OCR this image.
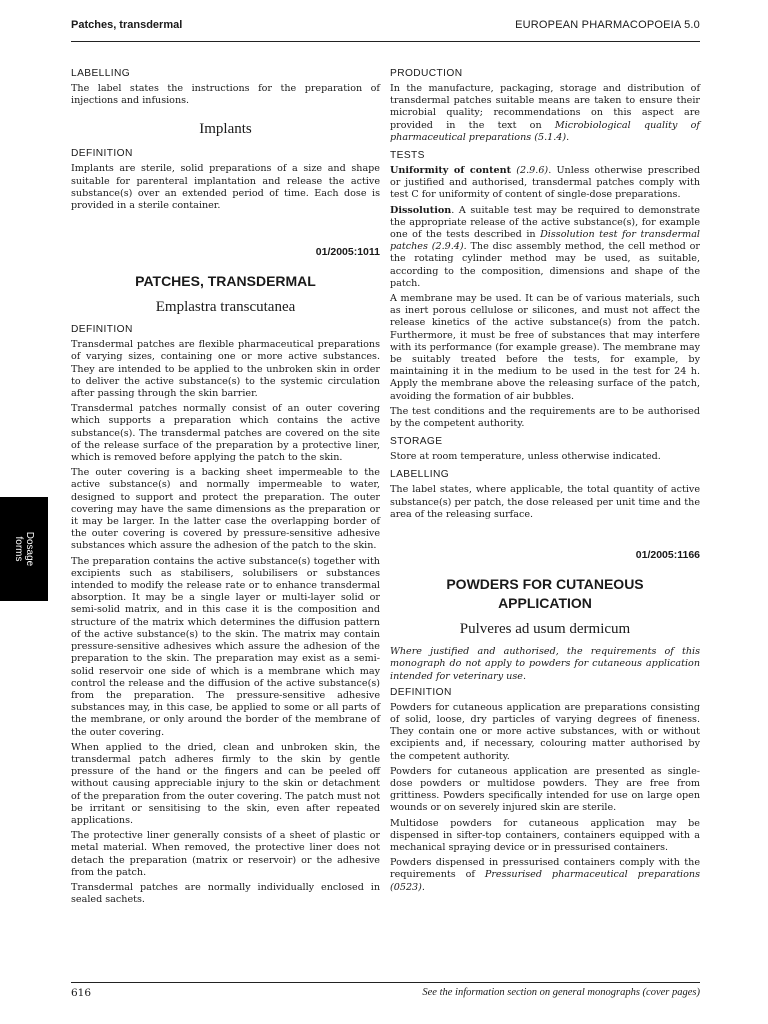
Patches, transdermal	EUROPEAN PHARMACOPOEIA 5.0
Dosage
forms
LABELLING

The label states the instructions for the preparation of injections and infusions.

Implants
DEFINITION

Implants are sterile, solid preparations of a size and shape suitable for parenteral implantation and release the active substance(s) over an extended period of time. Each dose is provided in a sterile container.

01/2005:1011
PATCHES, TRANSDERMAL
Emplastra transcutanea
DEFINITION

Transdermal patches are flexible pharmaceutical preparations of varying sizes, containing one or more active substances. They are intended to be applied to the unbroken skin in order to deliver the active substance(s) to the systemic circulation after passing through the skin barrier.

Transdermal patches normally consist of an outer covering which supports a preparation which contains the active substance(s). The transdermal patches are covered on the site of the release surface of the preparation by a protective liner, which is removed before applying the patch to the skin.

The outer covering is a backing sheet impermeable to the active substance(s) and normally impermeable to water, designed to support and protect the preparation. The outer covering may have the same dimensions as the preparation or it may be larger. In the latter case the overlapping border of the outer covering is covered by pressure-sensitive adhesive substances which assure the adhesion of the patch to the skin.

The preparation contains the active substance(s) together with excipients such as stabilisers, solubilisers or substances intended to modify the release rate or to enhance transdermal absorption. It may be a single layer or multi-layer solid or semi-solid matrix, and in this case it is the composition and structure of the matrix which determines the diffusion pattern of the active substance(s) to the skin. The matrix may contain pressure-sensitive adhesives which assure the adhesion of the preparation to the skin. The preparation may exist as a semi-solid reservoir one side of which is a membrane which may control the release and the diffusion of the active substance(s) from the preparation. The pressure-sensitive adhesive substances may, in this case, be applied to some or all parts of the membrane, or only around the border of the membrane of the outer covering.

When applied to the dried, clean and unbroken skin, the transdermal patch adheres firmly to the skin by gentle pressure of the hand or the fingers and can be peeled off without causing appreciable injury to the skin or detachment of the preparation from the outer covering. The patch must not be irritant or sensitising to the skin, even after repeated applications.

The protective liner generally consists of a sheet of plastic or metal material. When removed, the protective liner does not detach the preparation (matrix or reservoir) or the adhesive from the patch.

Transdermal patches are normally individually enclosed in sealed sachets.

PRODUCTION

In the manufacture, packaging, storage and distribution of transdermal patches suitable means are taken to ensure their microbial quality; recommendations on this aspect are provided in the text on Microbiological quality of pharmaceutical preparations (5.1.4).

TESTS

Uniformity of content (2.9.6). Unless otherwise prescribed or justified and authorised, transdermal patches comply with test C for uniformity of content of single-dose preparations.

Dissolution. A suitable test may be required to demonstrate the appropriate release of the active substance(s), for example one of the tests described in Dissolution test for transdermal patches (2.9.4). The disc assembly method, the cell method or the rotating cylinder method may be used, as suitable, according to the composition, dimensions and shape of the patch.

A membrane may be used. It can be of various materials, such as inert porous cellulose or silicones, and must not affect the release kinetics of the active substance(s) from the patch. Furthermore, it must be free of substances that may interfere with its performance (for example grease). The membrane may be suitably treated before the tests, for example, by maintaining it in the medium to be used in the test for 24 h. Apply the membrane above the releasing surface of the patch, avoiding the formation of air bubbles.

The test conditions and the requirements are to be authorised by the competent authority.

STORAGE

Store at room temperature, unless otherwise indicated.

LABELLING

The label states, where applicable, the total quantity of active substance(s) per patch, the dose released per unit time and the area of the releasing surface.

01/2005:1166
POWDERS FOR CUTANEOUS
APPLICATION
Pulveres ad usum dermicum

Where justified and authorised, the requirements of this monograph do not apply to powders for cutaneous application intended for veterinary use.

DEFINITION

Powders for cutaneous application are preparations consisting of solid, loose, dry particles of varying degrees of fineness. They contain one or more active substances, with or without excipients and, if necessary, colouring matter authorised by the competent authority.

Powders for cutaneous application are presented as single-dose powders or multidose powders. They are free from grittiness. Powders specifically intended for use on large open wounds or on severely injured skin are sterile.

Multidose powders for cutaneous application may be dispensed in sifter-top containers, containers equipped with a mechanical spraying device or in pressurised containers.

Powders dispensed in pressurised containers comply with the requirements of Pressurised pharmaceutical preparations (0523).

616	See the information section on general monographs (cover pages)
